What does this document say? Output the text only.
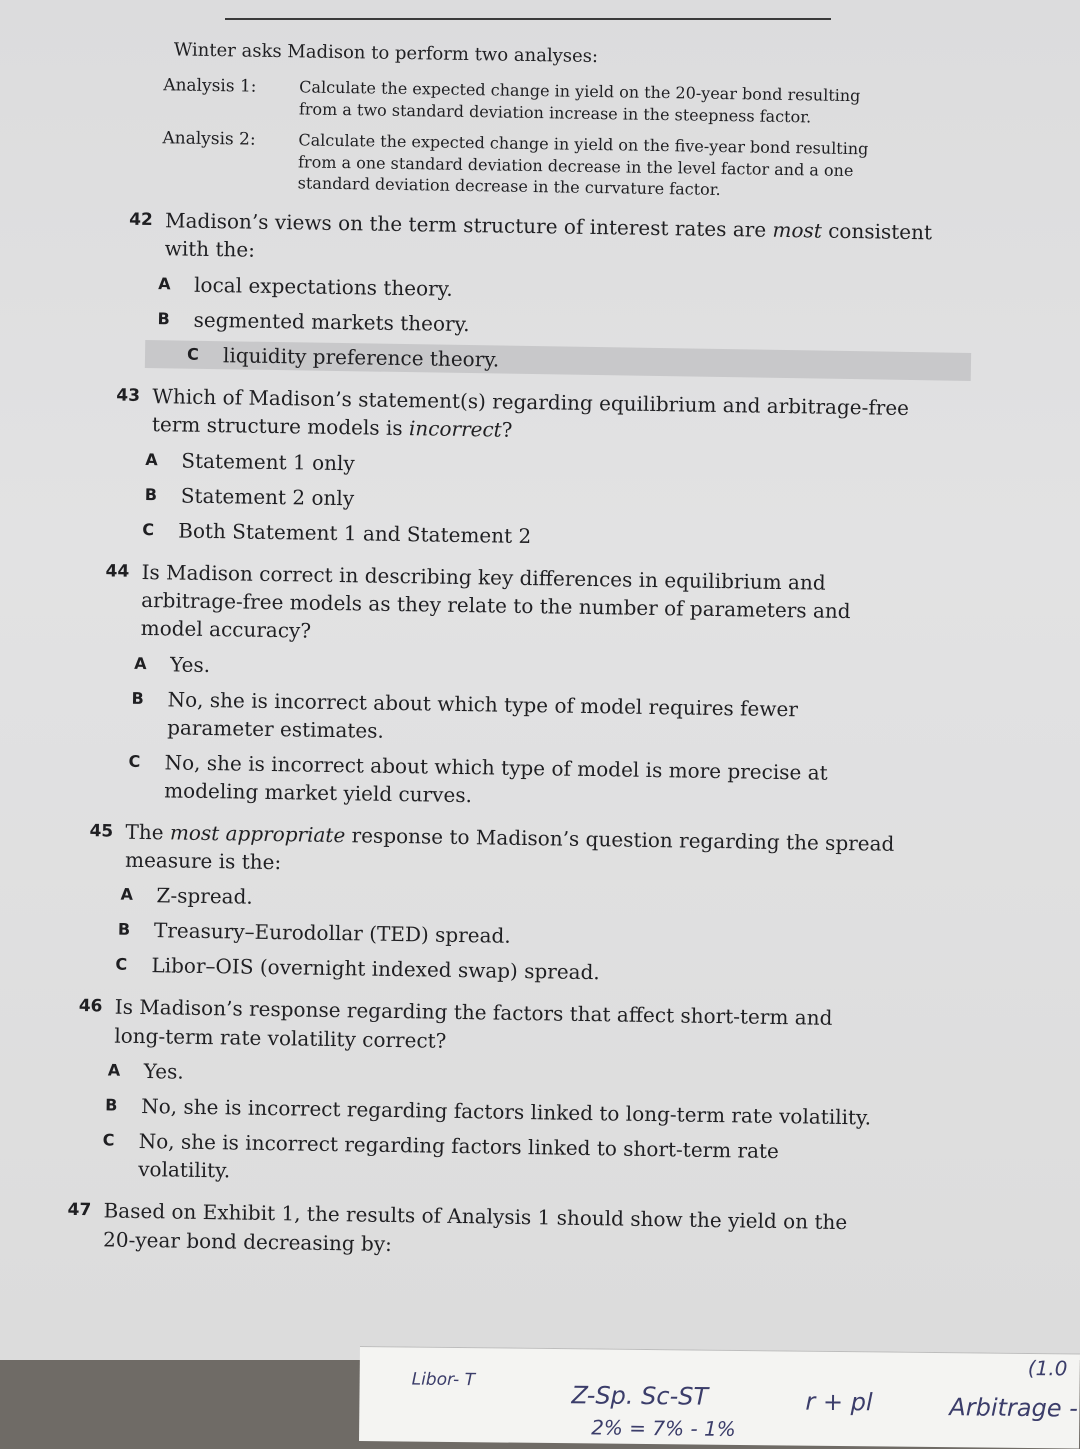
Winter asks Madison to perform two analyses:
Analysis 1:	Calculate the expected change in yield on the 20-year bond resulting from a two standard deviation increase in the steepness factor.
Analysis 2:	Calculate the expected change in yield on the five-year bond resulting from a one standard deviation decrease in the level factor and a one standard deviation decrease in the curvature factor.
42 Madison’s views on the term structure of interest rates are most consistent with the:
A	local expectations theory.
B	segmented markets theory.
C	liquidity preference theory.
43 Which of Madison’s statement(s) regarding equilibrium and arbitrage-free term structure models is incorrect?
A	Statement 1 only
B	Statement 2 only
C	Both Statement 1 and Statement 2
44 Is Madison correct in describing key differences in equilibrium and arbitrage-free models as they relate to the number of parameters and model accuracy?
A	Yes.
B	No, she is incorrect about which type of model requires fewer parameter estimates.
C	No, she is incorrect about which type of model is more precise at modeling market yield curves.
45 The most appropriate response to Madison’s question regarding the spread measure is the:
A	Z-spread.
B	Treasury–Eurodollar (TED) spread.
C	Libor–OIS (overnight indexed swap) spread.
46 Is Madison’s response regarding the factors that affect short-term and long-term rate volatility correct?
A	Yes.
B	No, she is incorrect regarding factors linked to long-term rate volatility.
C	No, she is incorrect regarding factors linked to short-term rate volatility.
47 Based on Exhibit 1, the results of Analysis 1 should show the yield on the 20-year bond decreasing by:
Libor- T
Z-Sp. Sc-ST
2% = 7% - 1%
r + pl	Arbitrage -
(1.0
